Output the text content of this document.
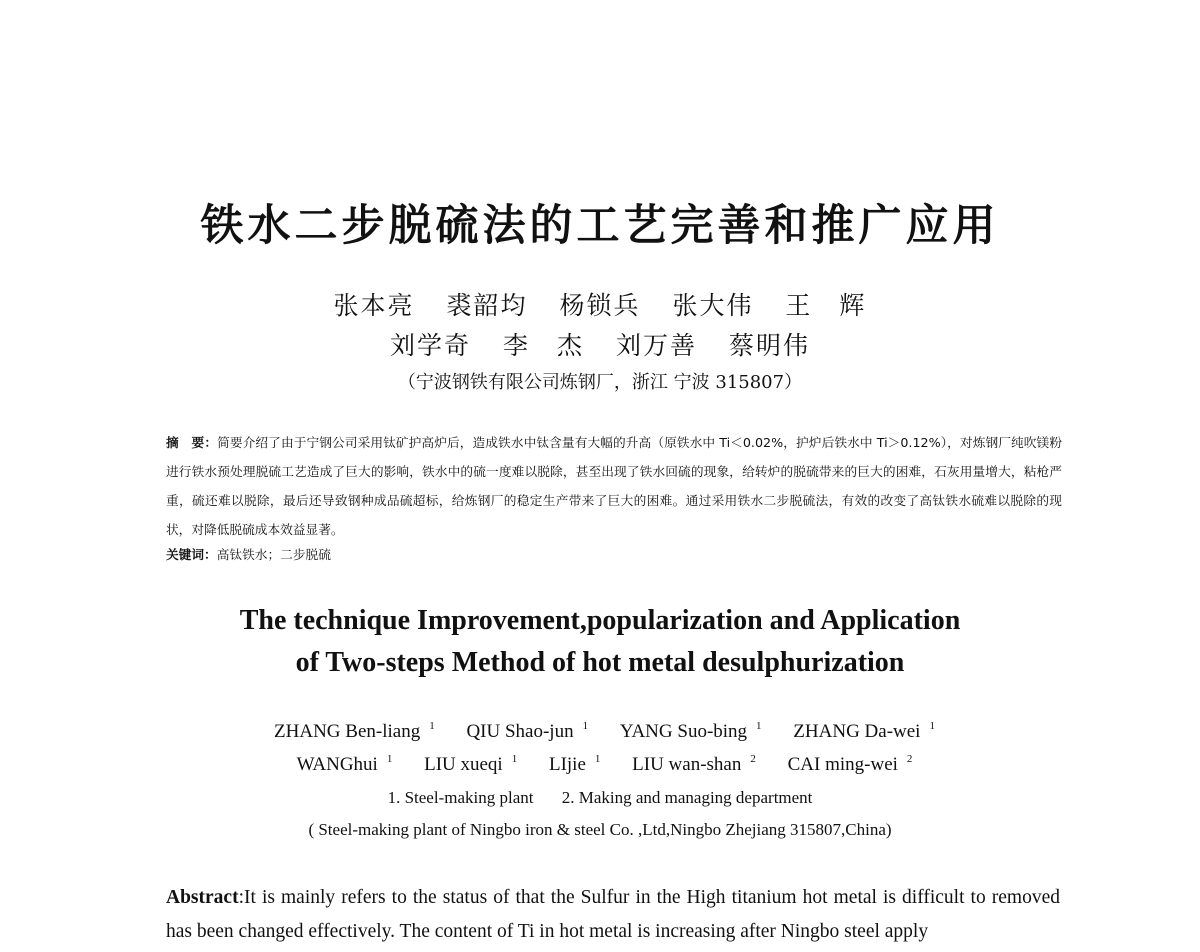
铁水二步脱硫法的工艺完善和推广应用
张本亮 裘韶均 杨锁兵 张大伟 王　辉
刘学奇 李　杰 刘万善 蔡明伟
（宁波钢铁有限公司炼钢厂，浙江 宁波 315807）

摘　要：简要介绍了由于宁钢公司采用钛矿护高炉后，造成铁水中钛含量有大幅的升高（原铁水中 Ti＜0.02%，护炉后铁水中 Ti＞0.12%），对炼钢厂纯吹镁粉进行铁水预处理脱硫工艺造成了巨大的影响，铁水中的硫一度难以脱除，甚至出现了铁水回硫的现象，给转炉的脱硫带来的巨大的困难，石灰用量增大，粘枪严重，硫还难以脱除，最后还导致钢种成品硫超标，给炼钢厂的稳定生产带来了巨大的困难。通过采用铁水二步脱硫法，有效的改变了高钛铁水硫难以脱除的现状，对降低脱硫成本效益显著。

关键词：高钛铁水；二步脱硫

The technique Improvement,popularization and Application
of Two-steps Method of hot metal desulphurization
ZHANG Ben-liang $^1$ QIU Shao-jun $^1$ YANG Suo-bing $^1$ ZHANG Da-wei $^1$
WANGhui $^1$ LIU xueqi $^1$ LIjie $^1$ LIU wan-shan $^2$ CAI ming-wei $^2$
1. Steel-making plant 2. Making and managing department
( Steel-making plant of Ningbo iron & steel Co. ,Ltd,Ningbo Zhejiang 315807,China)

Abstract:It is mainly refers to the status of that the Sulfur in the High titanium hot metal is difficult to removed has been changed effectively. The content of Ti in hot metal is increasing after Ningbo steel apply
